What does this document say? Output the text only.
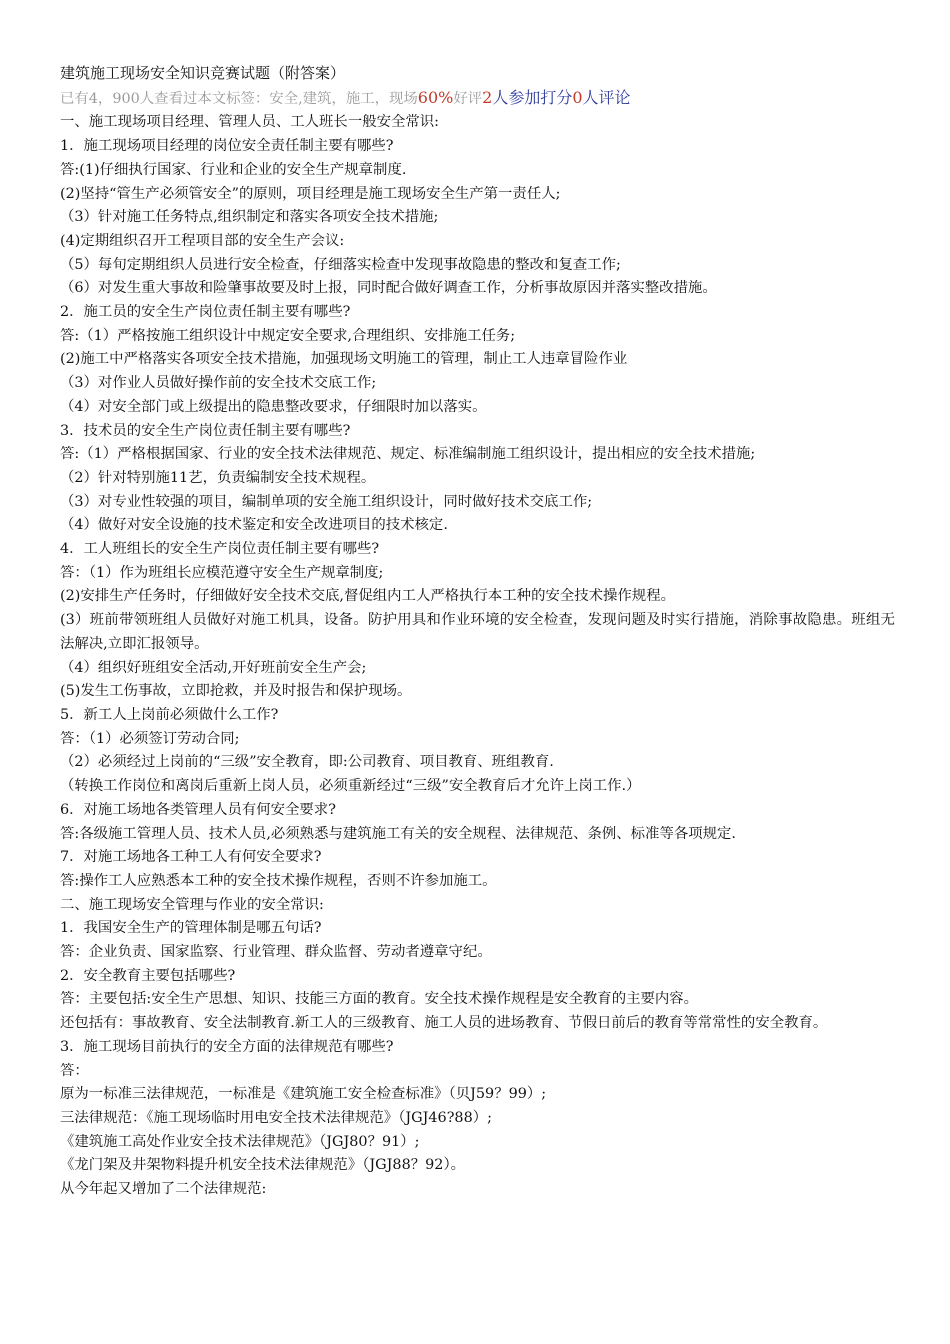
建筑施工现场安全知识竞赛试题（附答案）
已有4，900人查看过本文标签：安全,建筑，施工，现场60%好评2人参加打分0人评论
一、施工现场项目经理、管理人员、工人班长一般安全常识:
1．施工现场项目经理的岗位安全责任制主要有哪些?
答:(1)仔细执行国家、行业和企业的安全生产规章制度.
(2)坚持“管生产必须管安全”的原则，项目经理是施工现场安全生产第一责任人;
（3）针对施工任务特点,组织制定和落实各项安全技术措施;
(4)定期组织召开工程项目部的安全生产会议:
（5）每旬定期组织人员进行安全检查，仔细落实检查中发现事故隐患的整改和复查工作;
（6）对发生重大事故和险肇事故要及时上报，同时配合做好调查工作，分析事故原因并落实整改措施。
2．施工员的安全生产岗位责任制主要有哪些?
答:（1）严格按施工组织设计中规定安全要求,合理组织、安排施工任务;
(2)施工中严格落实各项安全技术措施，加强现场文明施工的管理，制止工人违章冒险作业
（3）对作业人员做好操作前的安全技术交底工作;
（4）对安全部门或上级提出的隐患整改要求，仔细限时加以落实。
3．技术员的安全生产岗位责任制主要有哪些?
答:（1）严格根据国家、行业的安全技术法律规范、规定、标准编制施工组织设计，提出相应的安全技术措施;
（2）针对特别施11艺，负责编制安全技术规程。
（3）对专业性较强的项目，编制单项的安全施工组织设计，同时做好技术交底工作;
（4）做好对安全设施的技术鉴定和安全改进项目的技术核定.
4．工人班组长的安全生产岗位责任制主要有哪些?
答：（1）作为班组长应模范遵守安全生产规章制度;
(2)安排生产任务时，仔细做好安全技术交底,督促组内工人严格执行本工种的安全技术操作规程。
(3）班前带领班组人员做好对施工机具，设备。防护用具和作业环境的安全检查，发现问题及时实行措施，消除事故隐患。班组无法解决,立即汇报领导。
（4）组织好班组安全活动,开好班前安全生产会;
(5)发生工伤事故，立即抢救，并及时报告和保护现场。
5．新工人上岗前必须做什么工作?
答：（1）必须签订劳动合同;
（2）必须经过上岗前的“三级”安全教育，即:公司教育、项目教育、班组教育.
（转换工作岗位和离岗后重新上岗人员，必须重新经过“三级”安全教育后才允许上岗工作.）
6．对施工场地各类管理人员有何安全要求?
答:各级施工管理人员、技术人员,必须熟悉与建筑施工有关的安全规程、法律规范、条例、标准等各项规定.
7．对施工场地各工种工人有何安全要求?
答:操作工人应熟悉本工种的安全技术操作规程，否则不许参加施工。
二、施工现场安全管理与作业的安全常识:
1．我国安全生产的管理体制是哪五句话?
答：企业负责、国家监察、行业管理、群众监督、劳动者遵章守纪。
2．安全教育主要包括哪些?
答：主要包括:安全生产思想、知识、技能三方面的教育。安全技术操作规程是安全教育的主要内容。
还包括有：事故教育、安全法制教育.新工人的三级教育、施工人员的进场教育、节假日前后的教育等常常性的安全教育。
3．施工现场目前执行的安全方面的法律规范有哪些?
答：
原为一标准三法律规范，一标准是《建筑施工安全检查标准》（贝J59？99）;
三法律规范：《施工现场临时用电安全技术法律规范》（JGJ46?88）;
《建筑施工高处作业安全技术法律规范》（JGJ80？91）;
《龙门架及井架物料提升机安全技术法律规范》（JGJ88？92）。
从今年起又增加了二个法律规范:
